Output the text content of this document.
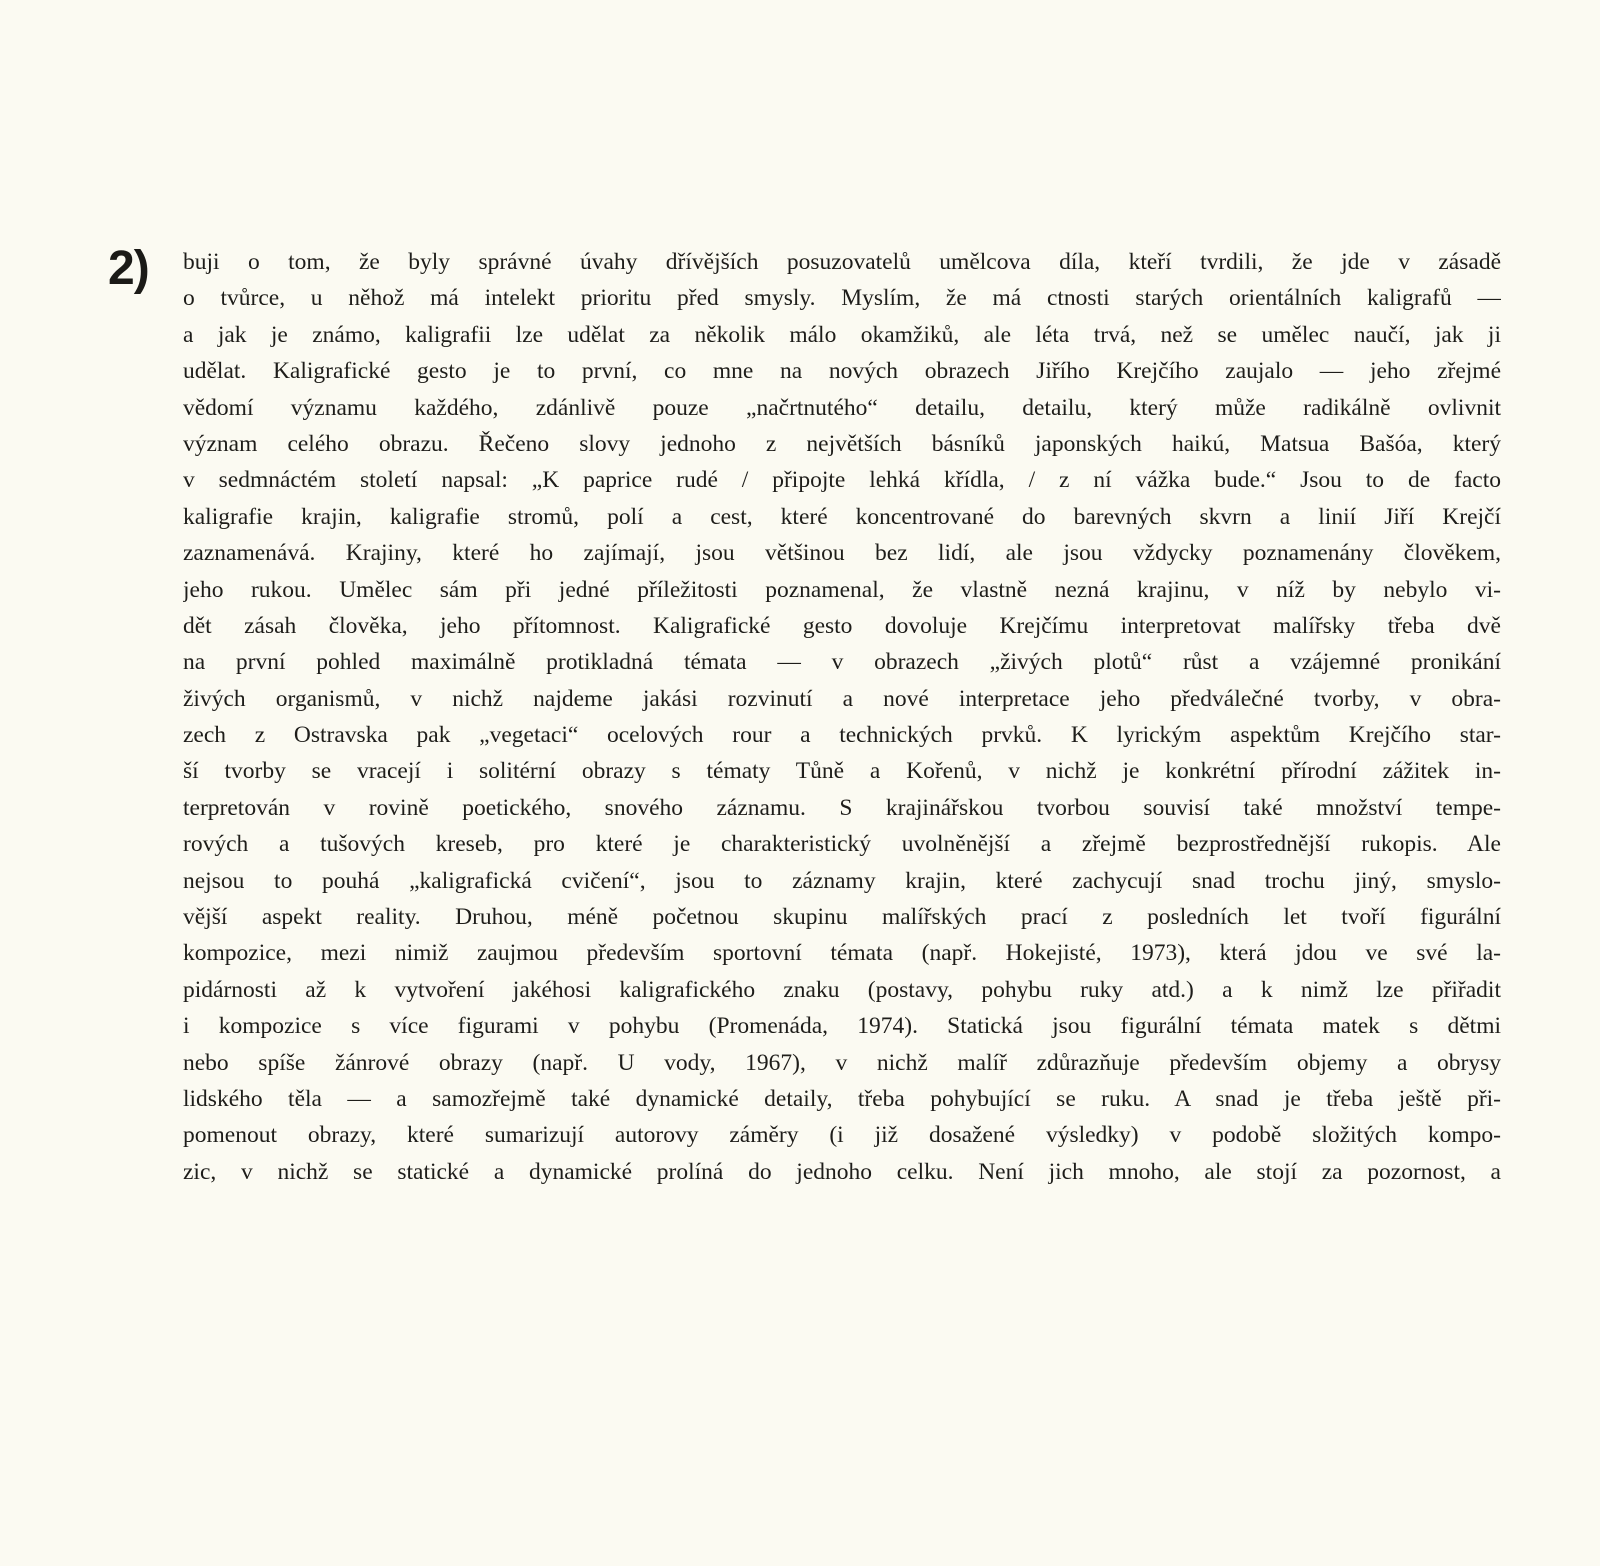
2) buji o tom, že byly správné úvahy dřívějších posuzovatelů umělcova díla, kteří tvrdili, že jde v zásadě
o tvůrce, u něhož má intelekt prioritu před smysly. Myslím, že má ctnosti starých orientálních kaligrafů —
a jak je známo, kaligrafii lze udělat za několik málo okamžiků, ale léta trvá, než se umělec naučí, jak ji
udělat. Kaligrafické gesto je to první, co mne na nových obrazech Jiřího Krejčího zaujalo — jeho zřejmé
vědomí významu každého, zdánlivě pouze „načrtnutého“ detailu, detailu, který může radikálně ovlivnit
význam celého obrazu. Řečeno slovy jednoho z největších básníků japonských haikú, Matsua Bašóa, který
v sedmnáctém století napsal: „K paprice rudé / připojte lehká křídla, / z ní vážka bude.“ Jsou to de facto
kaligrafie krajin, kaligrafie stromů, polí a cest, které koncentrované do barevných skvrn a linií Jiří Krejčí
zaznamenává. Krajiny, které ho zajímají, jsou většinou bez lidí, ale jsou vždycky poznamenány člověkem,
jeho rukou. Umělec sám při jedné příležitosti poznamenal, že vlastně nezná krajinu, v níž by nebylo vi-
dět zásah člověka, jeho přítomnost. Kaligrafické gesto dovoluje Krejčímu interpretovat malířsky třeba dvě
na první pohled maximálně protikladná témata — v obrazech „živých plotů“ růst a vzájemné pronikání
živých organismů, v nichž najdeme jakási rozvinutí a nové interpretace jeho předválečné tvorby, v obra-
zech z Ostravska pak „vegetaci“ ocelových rour a technických prvků. K lyrickým aspektům Krejčího star-
ší tvorby se vracejí i solitérní obrazy s tématy Tůně a Kořenů, v nichž je konkrétní přírodní zážitek in-
terpretován v rovině poetického, snového záznamu. S krajinářskou tvorbou souvisí také množství tempe-
rových a tušových kreseb, pro které je charakteristický uvolněnější a zřejmě bezprostřednější rukopis. Ale
nejsou to pouhá „kaligrafická cvičení“, jsou to záznamy krajin, které zachycují snad trochu jiný, smyslo-
vější aspekt reality. Druhou, méně početnou skupinu malířských prací z posledních let tvoří figurální
kompozice, mezi nimiž zaujmou především sportovní témata (např. Hokejisté, 1973), která jdou ve své la-
pidárnosti až k vytvoření jakéhosi kaligrafického znaku (postavy, pohybu ruky atd.) a k nimž lze přiřadit
i kompozice s více figurami v pohybu (Promenáda, 1974). Statická jsou figurální témata matek s dětmi
nebo spíše žánrové obrazy (např. U vody, 1967), v nichž malíř zdůrazňuje především objemy a obrysy
lidského těla — a samozřejmě také dynamické detaily, třeba pohybující se ruku. A snad je třeba ještě při-
pomenout obrazy, které sumarizují autorovy záměry (i již dosažené výsledky) v podobě složitých kompo-
zic, v nichž se statické a dynamické prolíná do jednoho celku. Není jich mnoho, ale stojí za pozornost, a
